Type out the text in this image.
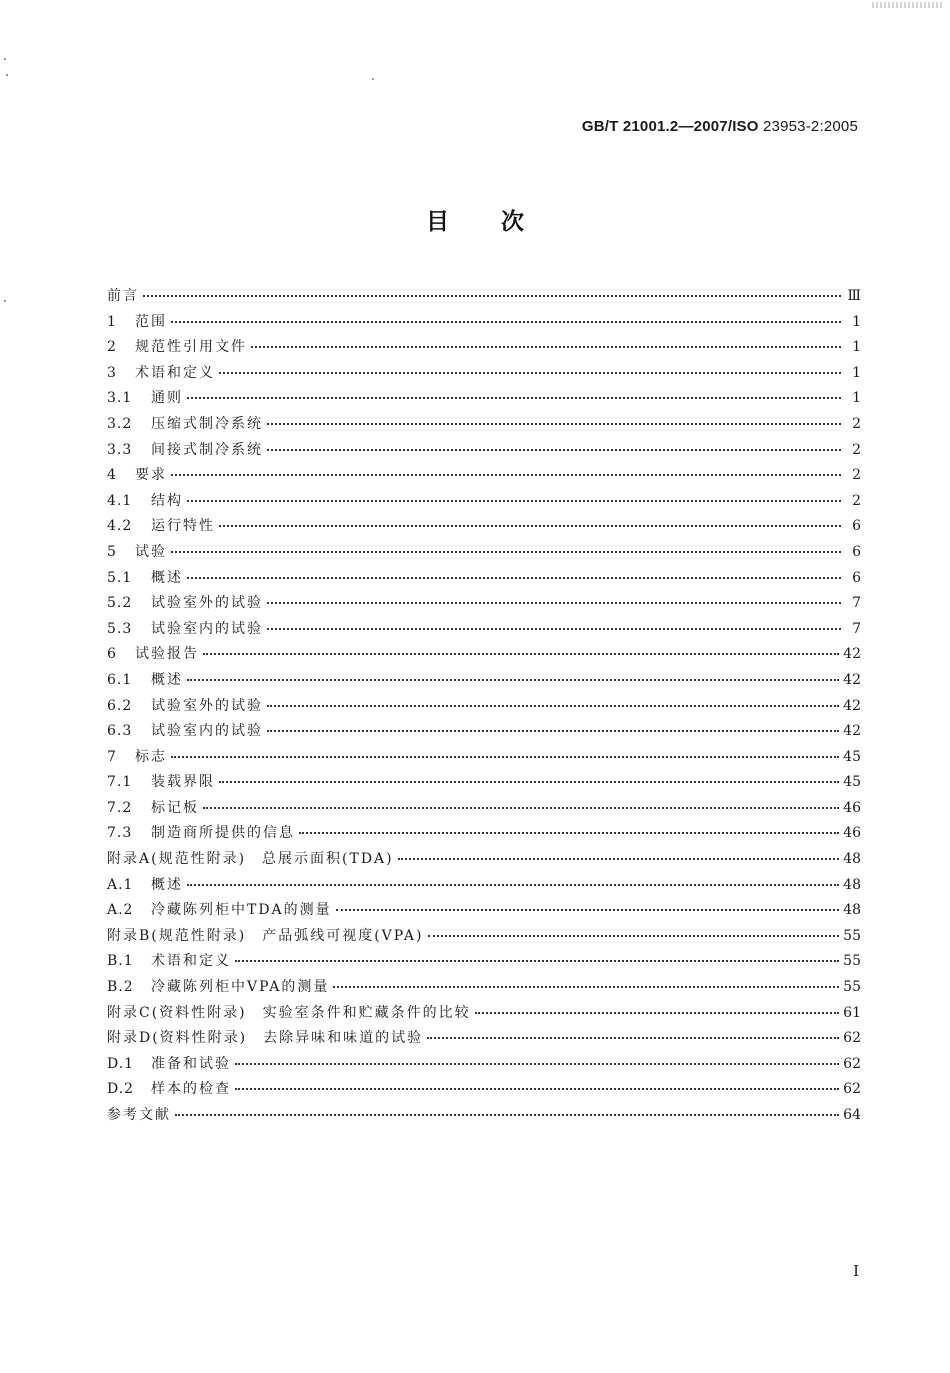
GB/T 21001.2—2007/ISO 23953-2:2005
目次
前言	Ⅲ
1	范围	1
2	规范性引用文件	1
3	术语和定义	1
3.1	通则	1
3.2	压缩式制冷系统	2
3.3	间接式制冷系统	2
4	要求	2
4.1	结构	2
4.2	运行特性	6
5	试验	6
5.1	概述	6
5.2	试验室外的试验	7
5.3	试验室内的试验	7
6	试验报告	42
6.1	概述	42
6.2	试验室外的试验	42
6.3	试验室内的试验	42
7	标志	45
7.1	装载界限	45
7.2	标记板	46
7.3	制造商所提供的信息	46
附录A(规范性附录)　总展示面积(TDA)	48
A.1	概述	48
A.2	冷藏陈列柜中TDA的测量	48
附录B(规范性附录)　产品弧线可视度(VPA)	55
B.1	术语和定义	55
B.2	冷藏陈列柜中VPA的测量	55
附录C(资料性附录)　实验室条件和贮藏条件的比较	61
附录D(资料性附录)　去除异味和味道的试验	62
D.1	准备和试验	62
D.2	样本的检查	62
参考文献	64
I
